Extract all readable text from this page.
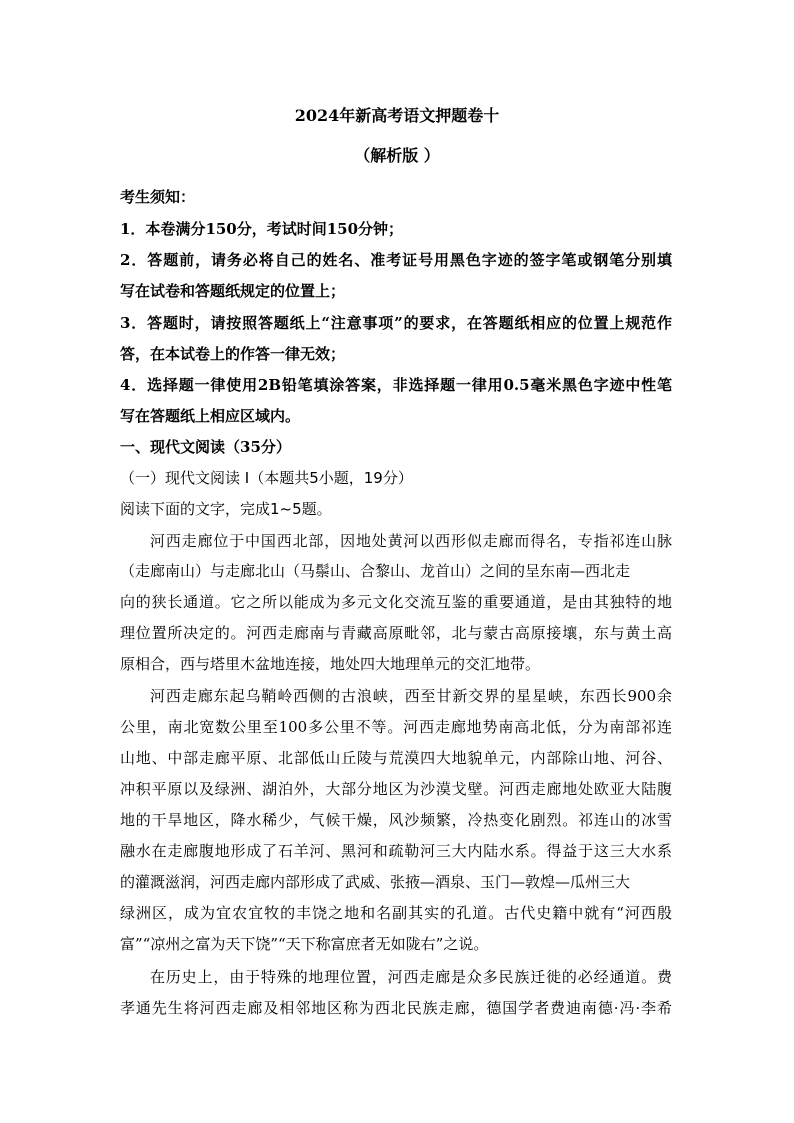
2024年新高考语文押题卷十

（解析版 ）

考生须知：

1．本卷满分150分，考试时间150分钟；

2．答题前，请务必将自己的姓名、准考证号用黑色字迹的签字笔或钢笔分别填

写在试卷和答题纸规定的位置上；

3．答题时，请按照答题纸上“注意事项”的要求，在答题纸相应的位置上规范作

答，在本试卷上的作答一律无效；

4．选择题一律使用2B铅笔填涂答案，非选择题一律用0.5毫米黑色字迹中性笔

写在答题纸上相应区域内。

一、现代文阅读（35分）

（一）现代文阅读 I（本题共5小题，19分）

阅读下面的文字，完成1~5题。

河西走廊位于中国西北部，因地处黄河以西形似走廊而得名，专指祁连山脉

（走廊南山）与走廊北山（马鬃山、合黎山、龙首山）之间的呈东南—西北走

向的狭长通道。它之所以能成为多元文化交流互鉴的重要通道，是由其独特的地

理位置所决定的。河西走廊南与青藏高原毗邻，北与蒙古高原接壤，东与黄土高

原相合，西与塔里木盆地连接，地处四大地理单元的交汇地带。

河西走廊东起乌鞘岭西侧的古浪峡，西至甘新交界的星星峡，东西长900余

公里，南北宽数公里至100多公里不等。河西走廊地势南高北低，分为南部祁连

山地、中部走廊平原、北部低山丘陵与荒漠四大地貌单元，内部除山地、河谷、

冲积平原以及绿洲、湖泊外，大部分地区为沙漠戈壁。河西走廊地处欧亚大陆腹

地的干旱地区，降水稀少，气候干燥，风沙频繁，冷热变化剧烈。祁连山的冰雪

融水在走廊腹地形成了石羊河、黑河和疏勒河三大内陆水系。得益于这三大水系

的灌溉滋润，河西走廊内部形成了武威、张掖—酒泉、玉门—敦煌—瓜州三大

绿洲区，成为宜农宜牧的丰饶之地和名副其实的孔道。古代史籍中就有“河西殷

富”“凉州之富为天下饶”“天下称富庶者无如陇右”之说。

在历史上，由于特殊的地理位置，河西走廊是众多民族迁徙的必经通道。费

孝通先生将河西走廊及相邻地区称为西北民族走廊，德国学者费迪南德·冯·李希
